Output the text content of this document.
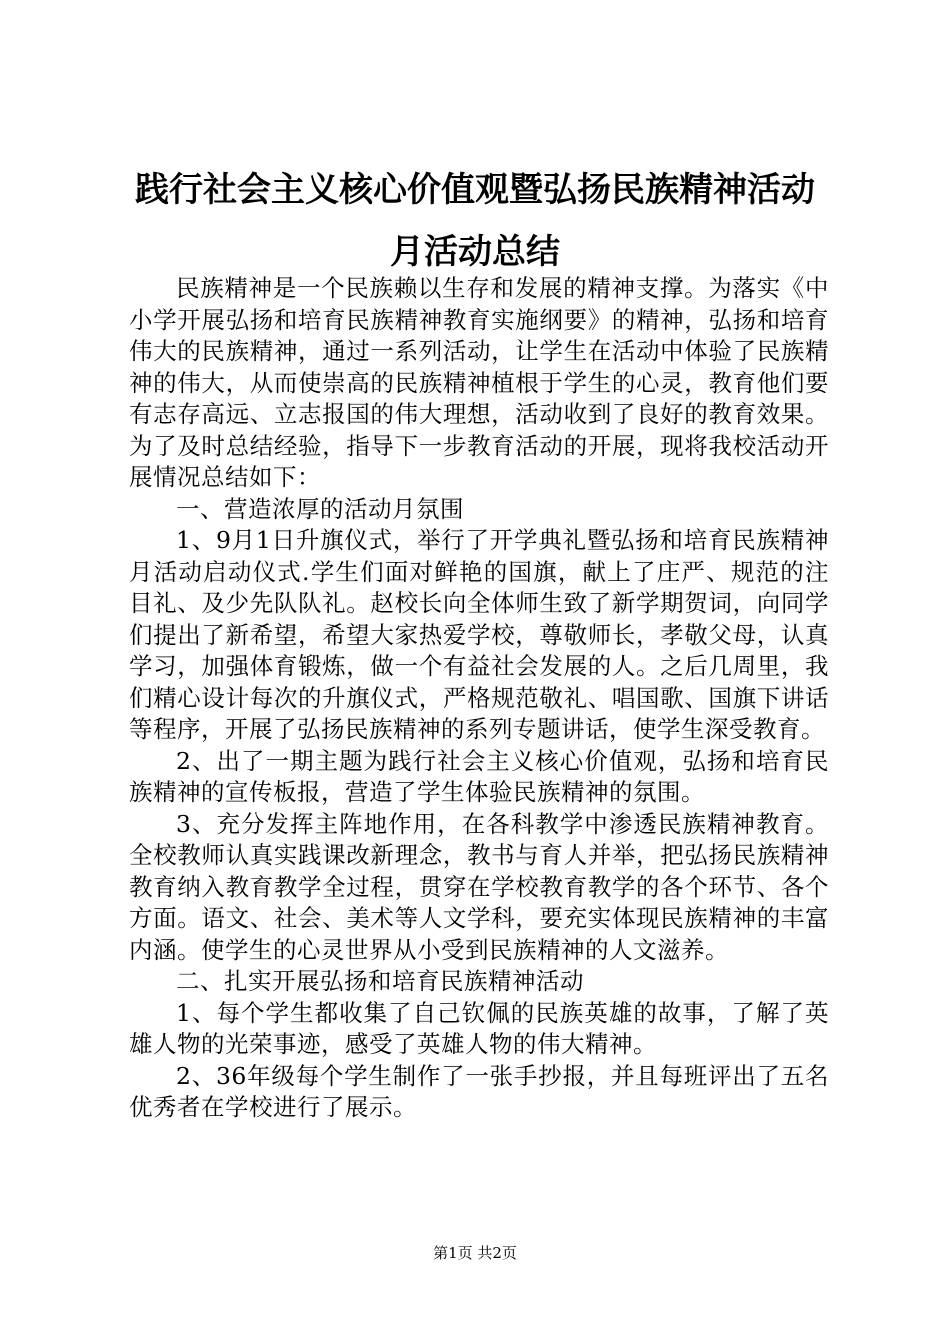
践行社会主义核心价值观暨弘扬民族精神活动
月活动总结

民族精神是一个民族赖以生存和发展的精神支撑。为落实《中小学开展弘扬和培育民族精神教育实施纲要》的精神，弘扬和培育伟大的民族精神，通过一系列活动，让学生在活动中体验了民族精神的伟大，从而使崇高的民族精神植根于学生的心灵，教育他们要有志存高远、立志报国的伟大理想，活动收到了良好的教育效果。为了及时总结经验，指导下一步教育活动的开展，现将我校活动开展情况总结如下：

一、营造浓厚的活动月氛围

1、9月1日升旗仪式，举行了开学典礼暨弘扬和培育民族精神月活动启动仪式.学生们面对鲜艳的国旗，献上了庄严、规范的注目礼、及少先队队礼。赵校长向全体师生致了新学期贺词，向同学们提出了新希望，希望大家热爱学校，尊敬师长，孝敬父母，认真学习，加强体育锻炼，做一个有益社会发展的人。之后几周里，我们精心设计每次的升旗仪式，严格规范敬礼、唱国歌、国旗下讲话等程序，开展了弘扬民族精神的系列专题讲话，使学生深受教育。

2、出了一期主题为践行社会主义核心价值观，弘扬和培育民族精神的宣传板报，营造了学生体验民族精神的氛围。

3、充分发挥主阵地作用，在各科教学中渗透民族精神教育。全校教师认真实践课改新理念，教书与育人并举，把弘扬民族精神教育纳入教育教学全过程，贯穿在学校教育教学的各个环节、各个方面。语文、社会、美术等人文学科，要充实体现民族精神的丰富内涵。使学生的心灵世界从小受到民族精神的人文滋养。

二、扎实开展弘扬和培育民族精神活动

1、每个学生都收集了自己钦佩的民族英雄的故事，了解了英雄人物的光荣事迹，感受了英雄人物的伟大精神。

2、36年级每个学生制作了一张手抄报，并且每班评出了五名优秀者在学校进行了展示。

第1页 共2页
